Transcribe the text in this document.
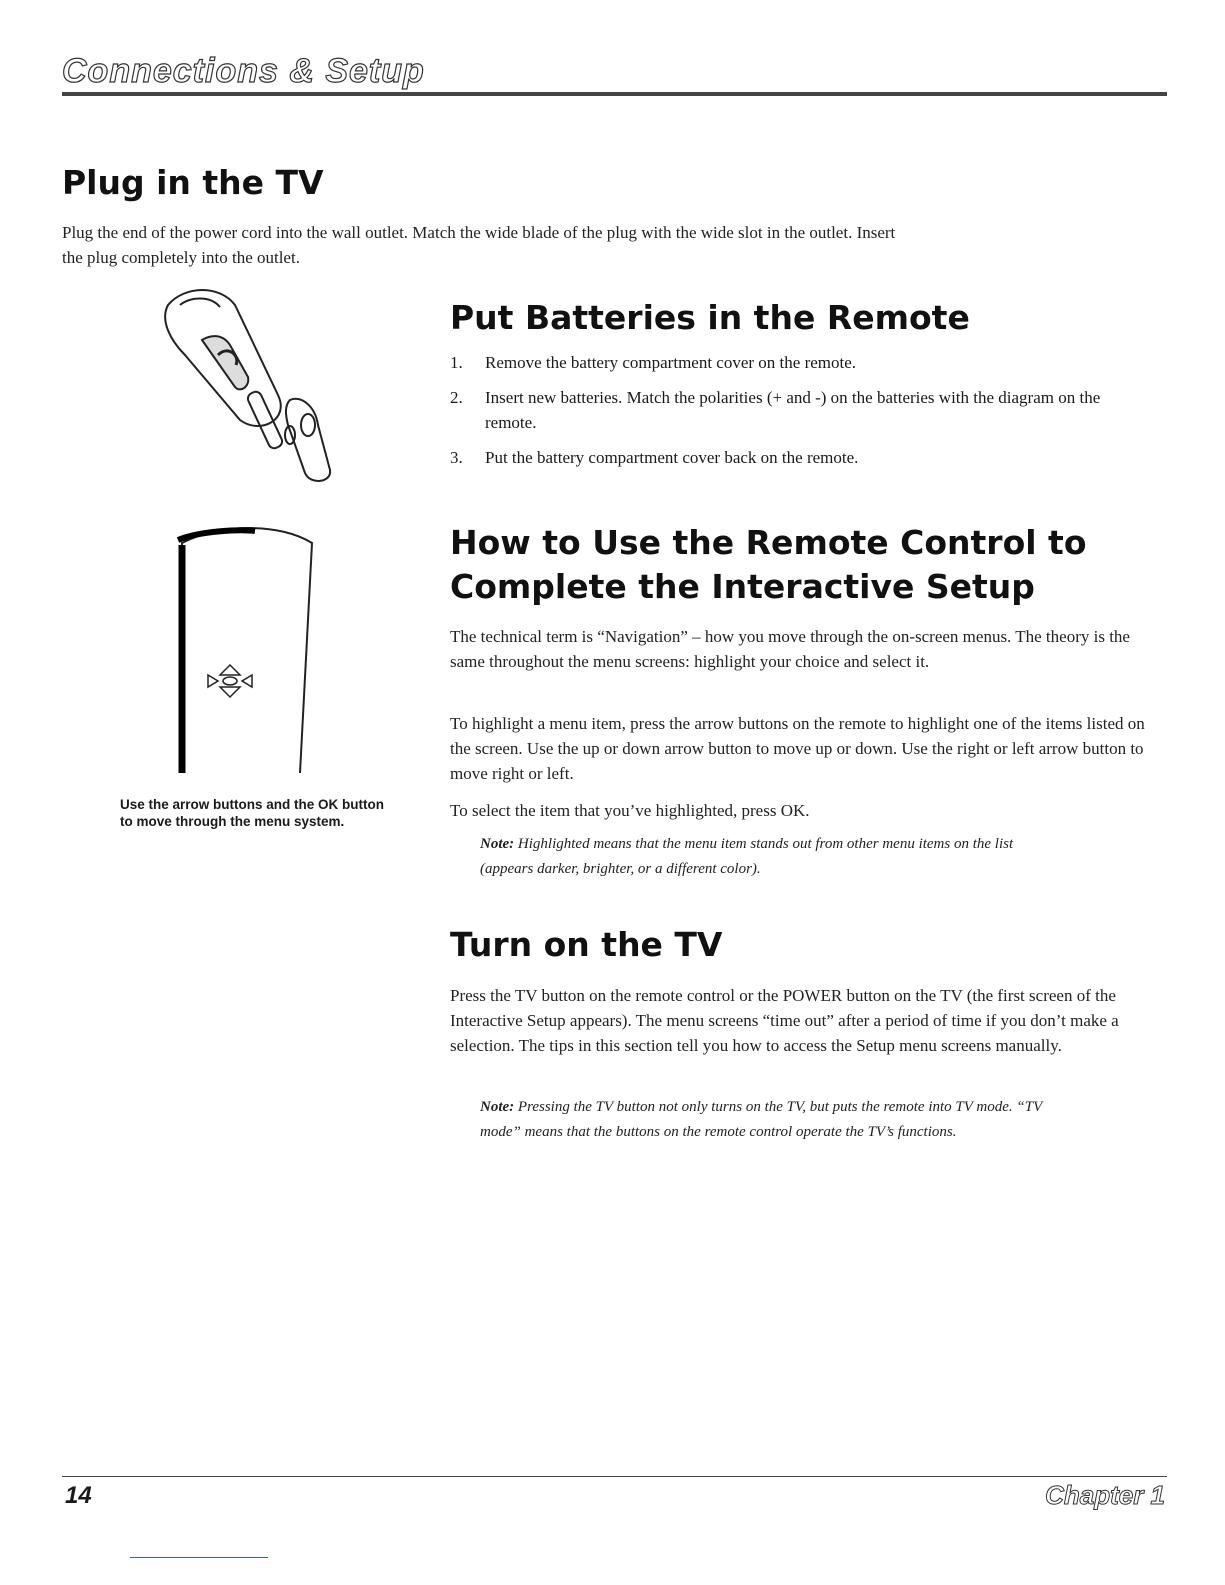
Connections & Setup
Plug in the TV

Plug the end of the power cord into the wall outlet. Match the wide blade of the plug with the wide slot in the outlet. Insert the plug completely into the outlet.

Use the arrow buttons and the OK button to move through the menu system.
Put Batteries in the Remote
1.	Remove the battery compartment cover on the remote.
2.	Insert new batteries. Match the polarities (+ and -) on the batteries with the diagram on the remote.
3.	Put the battery compartment cover back on the remote.
How to Use the Remote Control to
Complete the Interactive Setup

The technical term is “Navigation” – how you move through the on-screen menus. The theory is the same throughout the menu screens: highlight your choice and select it.

To highlight a menu item, press the arrow buttons on the remote to highlight one of the items listed on the screen. Use the up or down arrow button to move up or down. Use the right or left arrow button to move right or left.

To select the item that you’ve highlighted, press OK.

Note: Highlighted means that the menu item stands out from other menu items on the list (appears darker, brighter, or a different color).

Turn on the TV

Press the TV button on the remote control or the POWER button on the TV (the first screen of the Interactive Setup appears). The menu screens “time out” after a period of time if you don’t make a selection. The tips in this section tell you how to access the Setup menu screens manually.

Note: Pressing the TV button not only turns on the TV, but puts the remote into TV mode. “TV mode” means that the buttons on the remote control operate the TV’s functions.

14	Chapter 1
